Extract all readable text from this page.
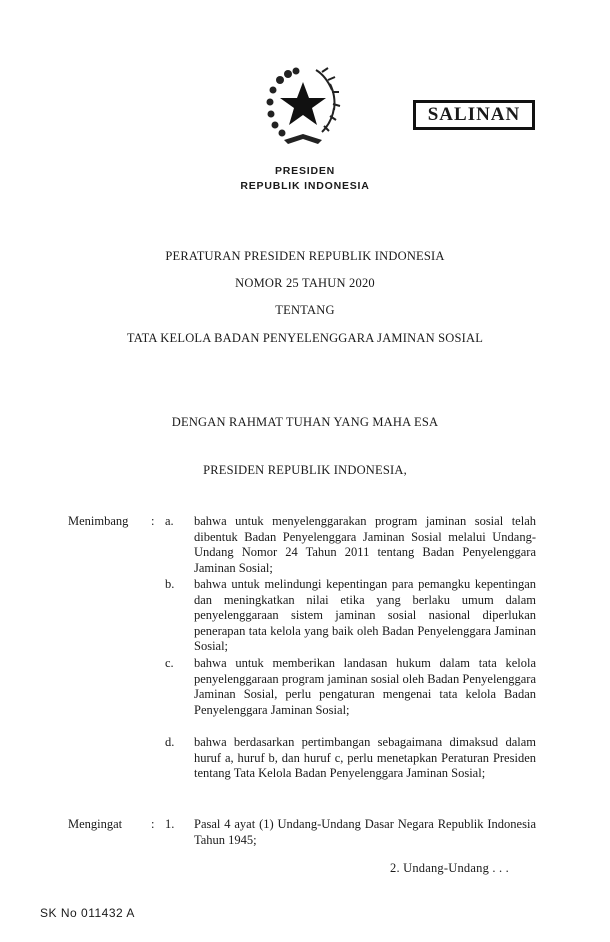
SALINAN
PRESIDEN
REPUBLIK INDONESIA
PERATURAN PRESIDEN REPUBLIK INDONESIA
NOMOR 25 TAHUN 2020
TENTANG
TATA KELOLA BADAN PENYELENGGARA JAMINAN SOSIAL
DENGAN RAHMAT TUHAN YANG MAHA ESA
PRESIDEN REPUBLIK INDONESIA,
Menimbang : a. bahwa untuk menyelenggarakan program jaminan sosial telah dibentuk Badan Penyelenggara Jaminan Sosial melalui Undang-Undang Nomor 24 Tahun 2011 tentang Badan Penyelenggara Jaminan Sosial;
b. bahwa untuk melindungi kepentingan para pemangku kepentingan dan meningkatkan nilai etika yang berlaku umum dalam penyelenggaraan sistem jaminan sosial nasional diperlukan penerapan tata kelola yang baik oleh Badan Penyelenggara Jaminan Sosial;
c. bahwa untuk memberikan landasan hukum dalam tata kelola penyelenggaraan program jaminan sosial oleh Badan Penyelenggara Jaminan Sosial, perlu pengaturan mengenai tata kelola Badan Penyelenggara Jaminan Sosial;
d. bahwa berdasarkan pertimbangan sebagaimana dimaksud dalam huruf a, huruf b, dan huruf c, perlu menetapkan Peraturan Presiden tentang Tata Kelola Badan Penyelenggara Jaminan Sosial;
Mengingat : 1. Pasal 4 ayat (1) Undang-Undang Dasar Negara Republik Indonesia Tahun 1945;
2. Undang-Undang . . .
SK No 011432 A
